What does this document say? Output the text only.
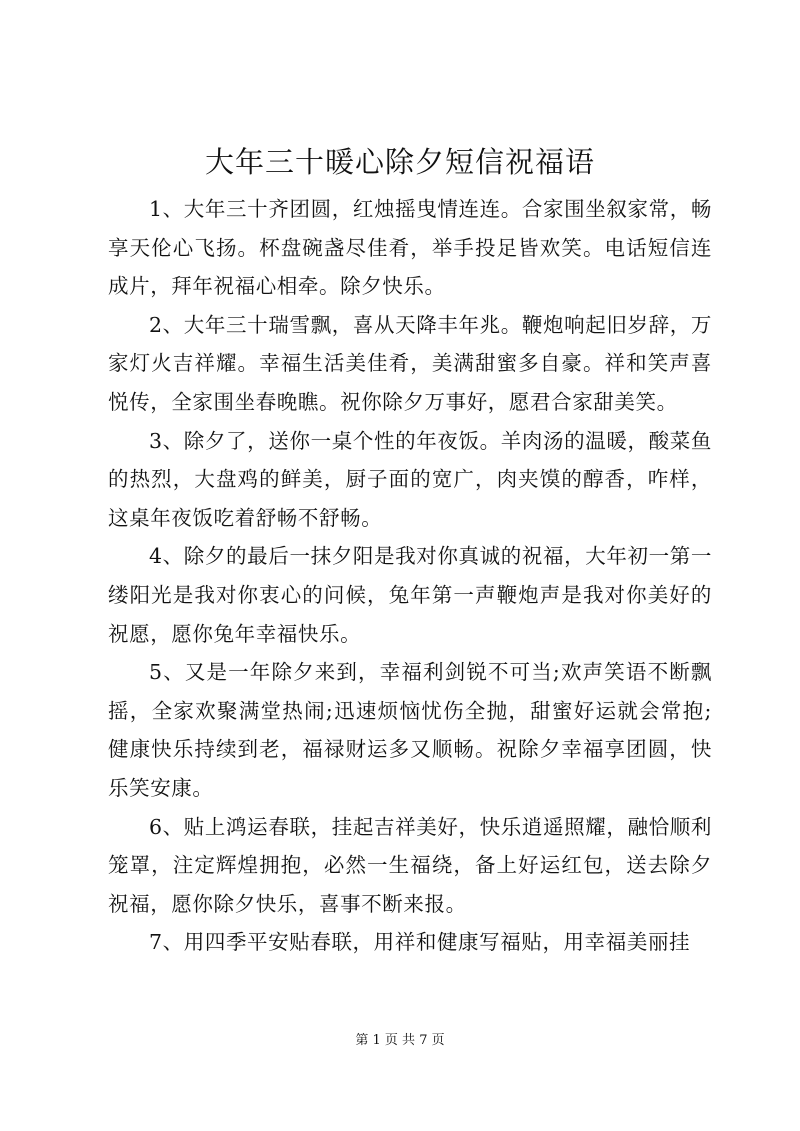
大年三十暖心除夕短信祝福语

1、大年三十齐团圆，红烛摇曳情连连。合家围坐叙家常，畅享天伦心飞扬。杯盘碗盏尽佳肴，举手投足皆欢笑。电话短信连成片，拜年祝福心相牵。除夕快乐。

2、大年三十瑞雪飘，喜从天降丰年兆。鞭炮响起旧岁辞，万家灯火吉祥耀。幸福生活美佳肴，美满甜蜜多自豪。祥和笑声喜悦传，全家围坐春晚瞧。祝你除夕万事好，愿君合家甜美笑。

3、除夕了，送你一桌个性的年夜饭。羊肉汤的温暖，酸菜鱼的热烈，大盘鸡的鲜美，厨子面的宽广，肉夹馍的醇香，咋样，这桌年夜饭吃着舒畅不舒畅。

4、除夕的最后一抹夕阳是我对你真诚的祝福，大年初一第一缕阳光是我对你衷心的问候，兔年第一声鞭炮声是我对你美好的祝愿，愿你兔年幸福快乐。

5、又是一年除夕来到，幸福利剑锐不可当;欢声笑语不断飘摇，全家欢聚满堂热闹;迅速烦恼忧伤全抛，甜蜜好运就会常抱;健康快乐持续到老，福禄财运多又顺畅。祝除夕幸福享团圆，快乐笑安康。

6、贴上鸿运春联，挂起吉祥美好，快乐逍遥照耀，融恰顺利笼罩，注定辉煌拥抱，必然一生福绕，备上好运红包，送去除夕祝福，愿你除夕快乐，喜事不断来报。

7、用四季平安贴春联，用祥和健康写福贴，用幸福美丽挂

第 1 页 共 7 页
